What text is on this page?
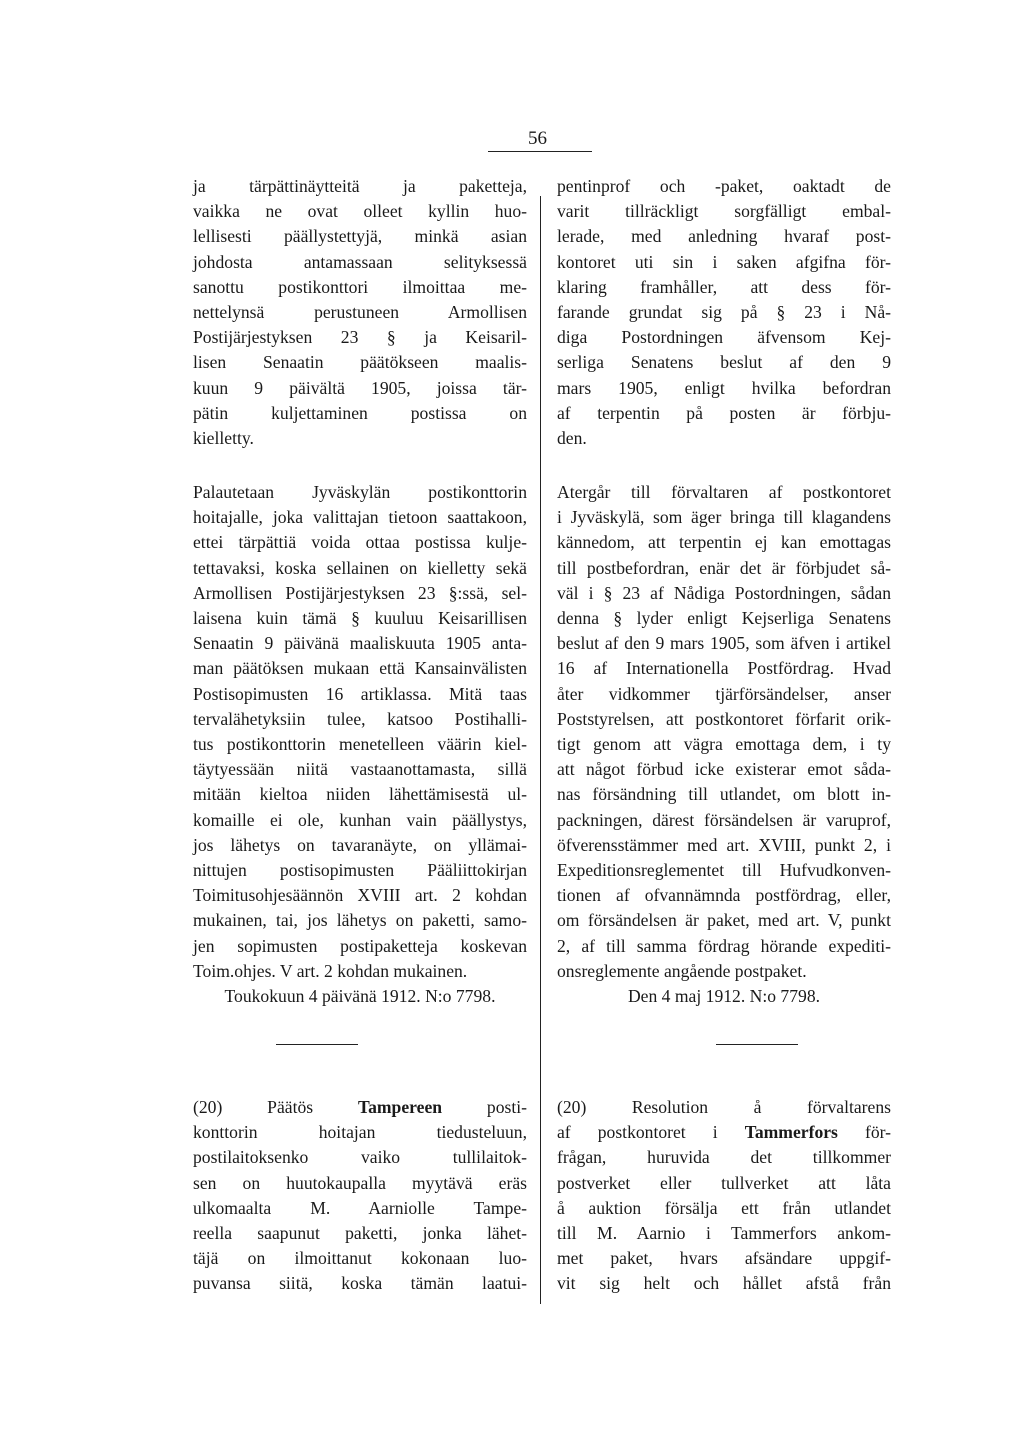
56
ja tärpättinäytteitä ja paketteja,
vaikka ne ovat olleet kyllin huo-
lellisesti päällystettyjä, minkä asian
johdosta antamassaan selityksessä
sanottu postikonttori ilmoittaa me-
nettelynsä perustuneen Armollisen
Postijärjestyksen 23 § ja Keisaril-
lisen Senaatin päätökseen maalis-
kuun 9 päivältä 1905, joissa tär-
pätin kuljettaminen postissa on
kielletty.
pentinprof och -paket, oaktadt de
varit tillräckligt sorgfälligt embal-
lerade, med anledning hvaraf post-
kontoret uti sin i saken afgifna för-
klaring framhåller, att dess för-
farande grundat sig på § 23 i Nå-
diga Postordningen äfvensom Kej-
serliga Senatens beslut af den 9
mars 1905, enligt hvilka befordran
af terpentin på posten är förbju-
den.
Palautetaan Jyväskylän postikonttorin
hoitajalle, joka valittajan tietoon saattakoon,
ettei tärpättiä voida ottaa postissa kulje-
tettavaksi, koska sellainen on kielletty sekä
Armollisen Postijärjestyksen 23 §:ssä, sel-
laisena kuin tämä § kuuluu Keisarillisen
Senaatin 9 päivänä maaliskuuta 1905 anta-
man päätöksen mukaan että Kansainvälisten
Postisopimusten 16 artiklassa. Mitä taas
tervalähetyksiin tulee, katsoo Postihalli-
tus postikonttorin menetelleen väärin kiel-
täytyessään niitä vastaanottamasta, sillä
mitään kieltoa niiden lähettämisestä ul-
komaille ei ole, kunhan vain päällystys,
jos lähetys on tavaranäyte, on yllämai-
nittujen postisopimusten Pääliittokirjan
Toimitusohjesäännön XVIII art. 2 kohdan
mukainen, tai, jos lähetys on paketti, samo-
jen sopimusten postipaketteja koskevan
Toim.ohjes. V art. 2 kohdan mukainen.
Toukokuun 4 päivänä 1912. N:o 7798.
Atergår till förvaltaren af postkontoret
i Jyväskylä, som äger bringa till klagandens
kännedom, att terpentin ej kan emottagas
till postbefordran, enär det är förbjudet så-
väl i § 23 af Nådiga Postordningen, sådan
denna § lyder enligt Kejserliga Senatens
beslut af den 9 mars 1905, som äfven i artikel
16 af Internationella Postfördrag. Hvad
åter vidkommer tjärförsändelser, anser
Poststyrelsen, att postkontoret förfarit orik-
tigt genom att vägra emottaga dem, i ty
att något förbud icke existerar emot såda-
nas försändning till utlandet, om blott in-
packningen, därest försändelsen är varuprof,
öfverensstämmer med art. XVIII, punkt 2, i
Expeditionsreglementet till Hufvudkonven-
tionen af ofvannämnda postfördrag, eller,
om försändelsen är paket, med art. V, punkt
2, af till samma fördrag hörande expediti-
onsreglemente angående postpaket.
Den 4 maj 1912. N:o 7798.
(20) Päätös Tampereen posti-
konttorin hoitajan tiedusteluun,
postilaitoksenko vaiko tullilaitok-
sen on huutokaupalla myytävä eräs
ulkomaalta M. Aarniolle Tampe-
reella saapunut paketti, jonka lähet-
täjä on ilmoittanut kokonaan luo-
puvansa siitä, koska tämän laatui-
(20) Resolution å förvaltarens
af postkontoret i Tammerfors för-
frågan, huruvida det tillkommer
postverket eller tullverket att låta
å auktion försälja ett från utlandet
till M. Aarnio i Tammerfors ankom-
met paket, hvars afsändare uppgif-
vit sig helt och hållet afstå från
